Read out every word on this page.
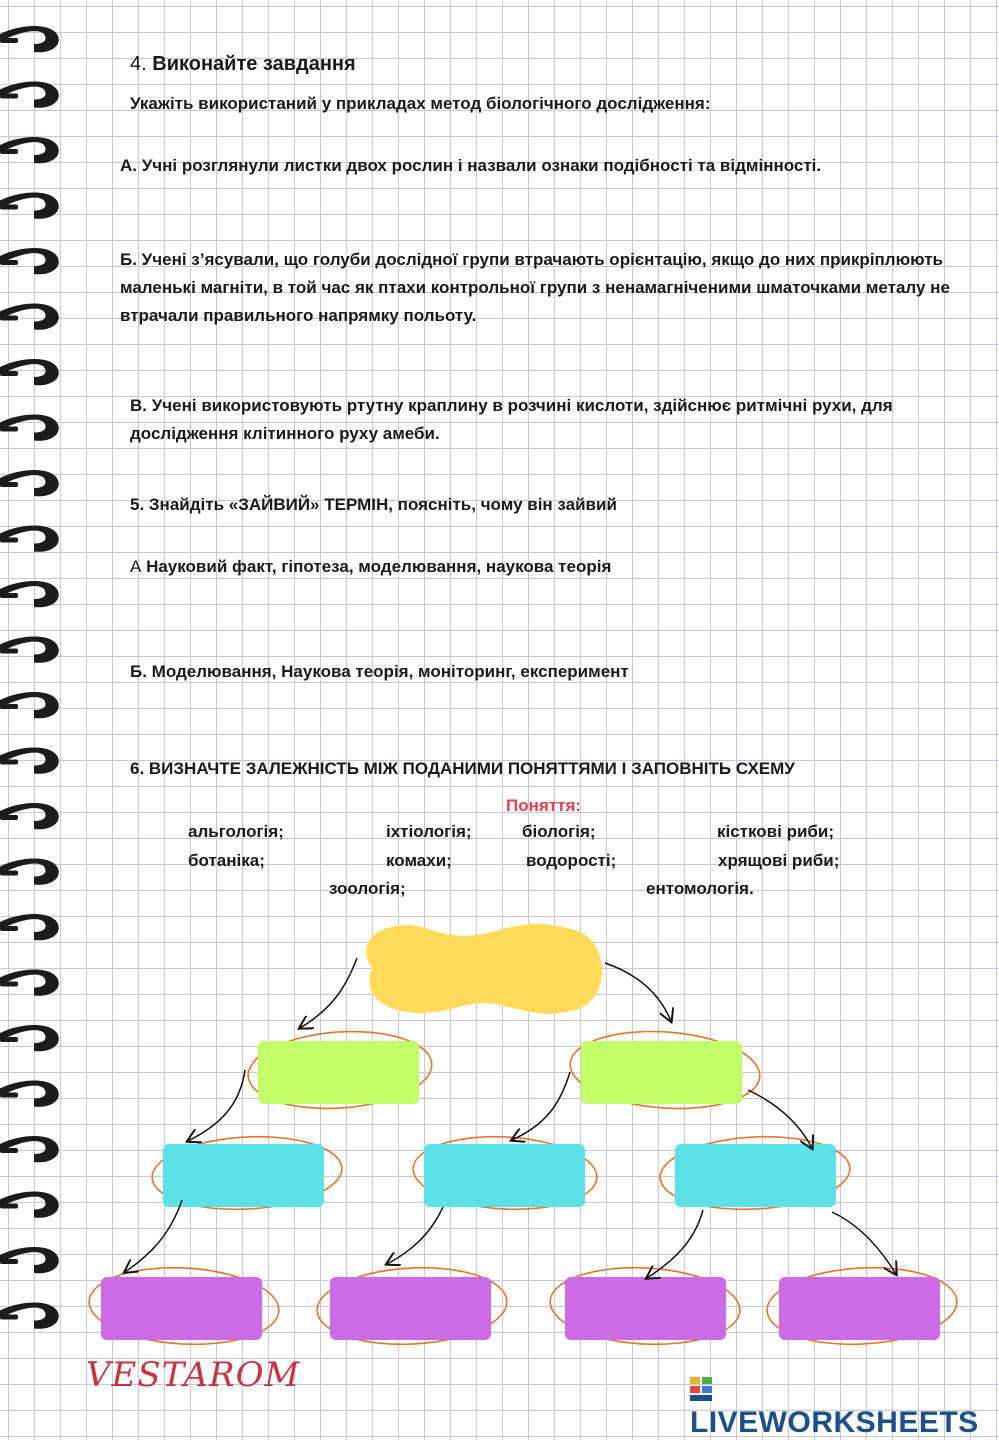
4. Виконайте завдання
Укажіть використаний у прикладах метод біологічного дослідження:
А. Учні розглянули листки двох рослин і назвали ознаки подібності та відмінності.
Б. Учені з’ясували, що голуби дослідної групи втрачають орієнтацію, якщо до них прикріплюють маленькі магніти, в той час як птахи контрольної групи з ненамагніченими шматочками металу не втрачали правильного напрямку польоту.
В. Учені використовують ртутну краплину в розчині кислоти, здійснює ритмічні рухи, для дослідження клітинного руху амеби.
5. Знайдіть «ЗАЙВИЙ» ТЕРМІН, поясніть, чому він зайвий
А Науковий факт, гіпотеза, моделювання, наукова теорія
Б. Моделювання, Наукова теорія, моніторинг, експеримент
6. ВИЗНАЧТЕ ЗАЛЕЖНІСТЬ МІЖ ПОДАНИМИ ПОНЯТТЯМИ І ЗАПОВНІТЬ СХЕМУ
Поняття:
альгологія;	іхтіологія;	біологія;	кісткові риби;
ботаніка;	комахи;	водорості;	хрящові риби;
зоологія;	ентомологія.
VESTAROM
LIVEWORKSHEETS
